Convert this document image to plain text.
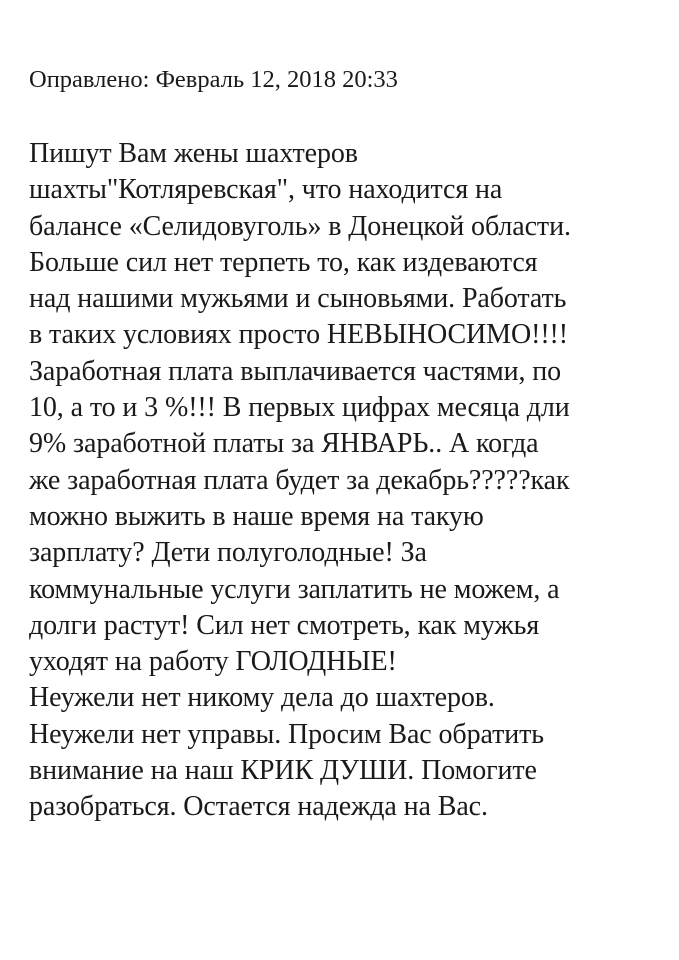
Оправлено: Февраль 12, 2018 20:33
Пишут Вам жены шахтеров
шахты"Котляревская", что находится на
балансе «Селидовуголь» в Донецкой области.
Больше сил нет терпеть то, как издеваются
над нашими мужьями и сыновьями. Работать
в таких условиях просто НЕВЫНОСИМО!!!!
Заработная плата выплачивается частями, по
10, а то и 3 %!!! В первых цифрах месяца дли
9% заработной платы за ЯНВАРЬ.. А когда
же заработная плата будет за декабрь?????как
можно выжить в наше время на такую
зарплату? Дети полуголодные! За
коммунальные услуги заплатить не можем, а
долги растут! Сил нет смотреть, как мужья
уходят на работу ГОЛОДНЫЕ!
Неужели нет никому дела до шахтеров.
Неужели нет управы. Просим Вас обратить
внимание на наш КРИК ДУШИ. Помогите
разобраться. Остается надежда на Вас.
